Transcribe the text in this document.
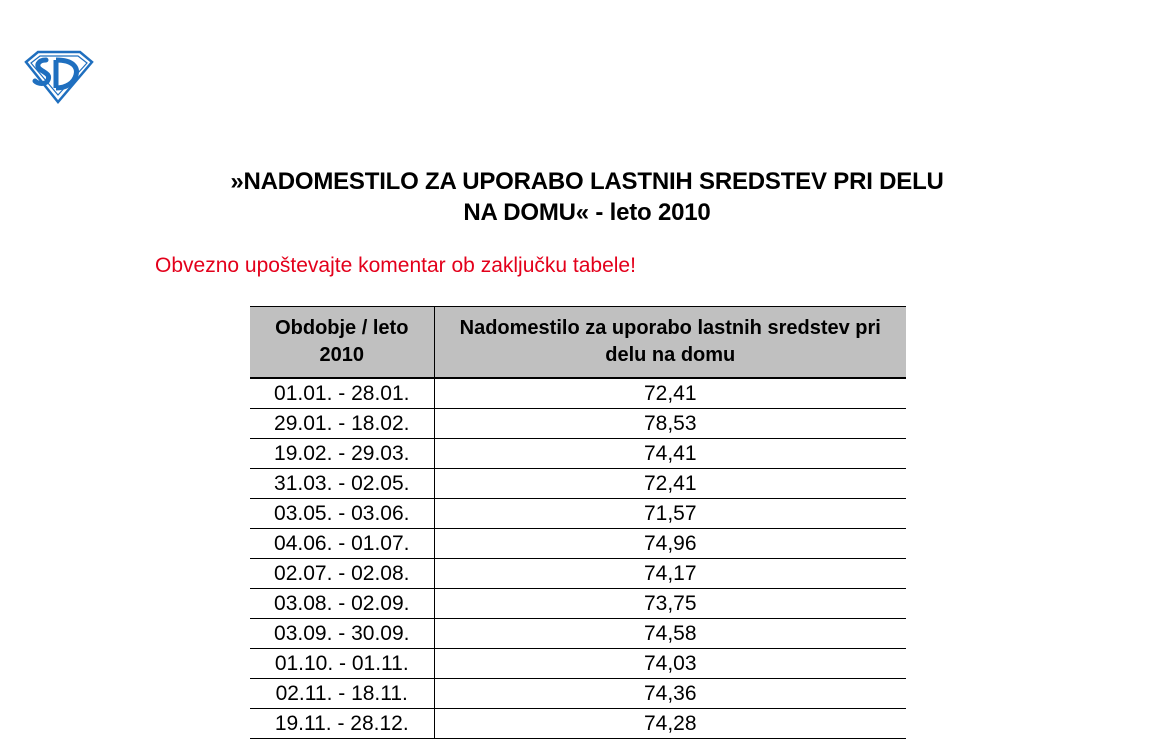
»NADOMESTILO ZA UPORABO LASTNIH SREDSTEV PRI DELU
NA DOMU« - leto 2010
Obvezno upoštevajte komentar ob zaključku tabele!
Obdobje / leto 2010	Nadomestilo za uporabo lastnih sredstev pri delu na domu
01.01. - 28.01.	72,41
29.01. - 18.02.	78,53
19.02. - 29.03.	74,41
31.03. - 02.05.	72,41
03.05. - 03.06.	71,57
04.06. - 01.07.	74,96
02.07. - 02.08.	74,17
03.08. - 02.09.	73,75
03.09. - 30.09.	74,58
01.10. - 01.11.	74,03
02.11. - 18.11.	74,36
19.11. - 28.12.	74,28
